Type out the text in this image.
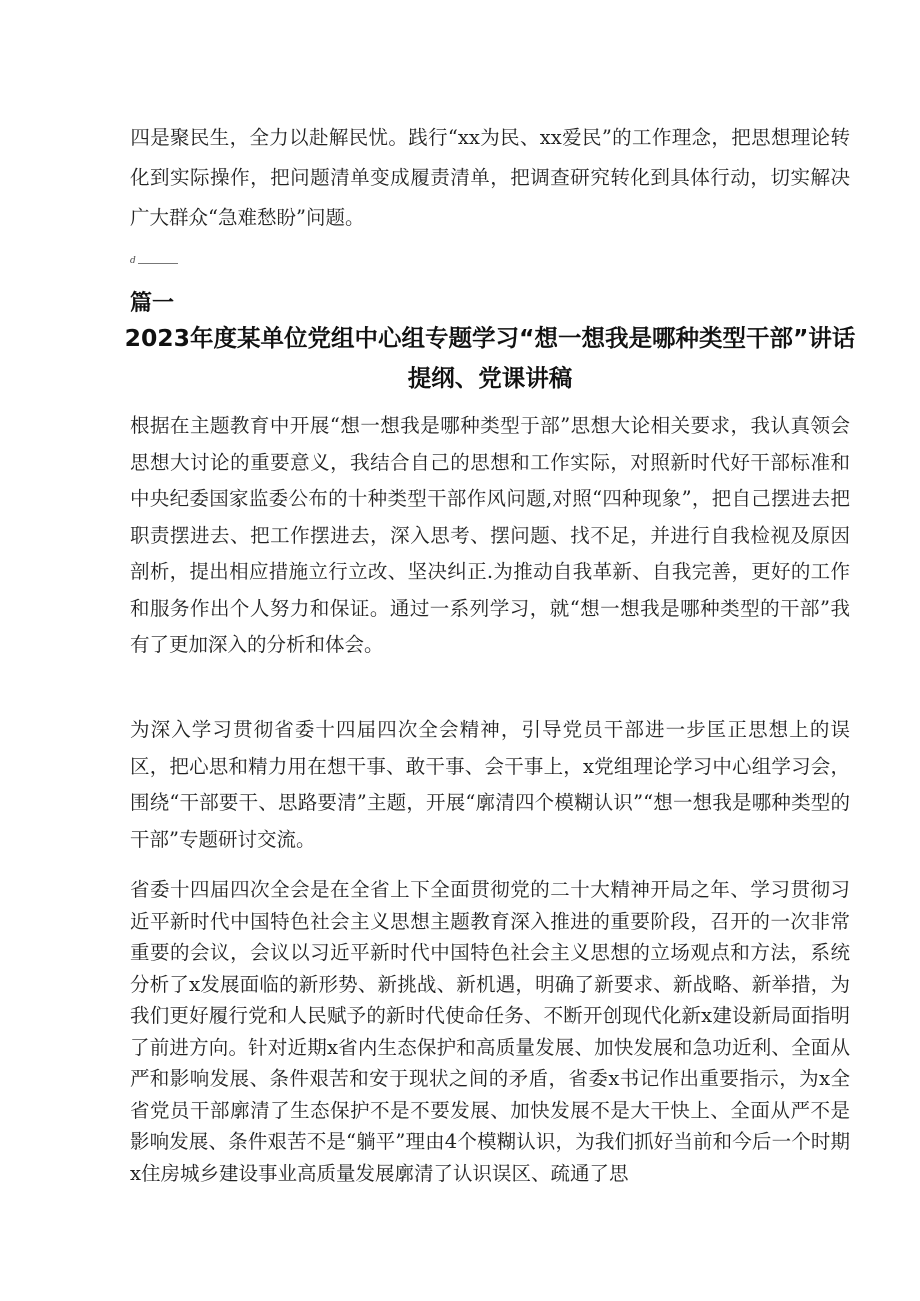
四是聚民生，全力以赴解民忧。践行“xx为民、xx爱民”的工作理念，把思想理论转化到实际操作，把问题清单变成履责清单，把调查研究转化到具体行动，切实解决广大群众“急难愁盼”问题。

d
篇一
2023年度某单位党组中心组专题学习“想一想我是哪种类型干部”讲话提纲、党课讲稿

根据在主题教育中开展“想一想我是哪种类型于部”思想大论相关要求，我认真领会思想大讨论的重要意义，我结合自己的思想和工作实际，对照新时代好干部标准和中央纪委国家监委公布的十种类型干部作风问题,对照“四种现象”，把自己摆进去把职责摆进去、把工作摆进去，深入思考、摆问题、找不足，并进行自我检视及原因剖析，提出相应措施立行立改、坚决纠正.为推动自我革新、自我完善，更好的工作和服务作出个人努力和保证。通过一系列学习，就“想一想我是哪种类型的干部”我有了更加深入的分析和体会。

为深入学习贯彻省委十四届四次全会精神，引导党员干部进一步匡正思想上的误区，把心思和精力用在想干事、敢干事、会干事上，x党组理论学习中心组学习会，围绕“干部要干、思路要清”主题，开展“廓清四个模糊认识”“想一想我是哪种类型的干部”专题研讨交流。

省委十四届四次全会是在全省上下全面贯彻党的二十大精神开局之年、学习贯彻习近平新时代中国特色社会主义思想主题教育深入推进的重要阶段，召开的一次非常重要的会议，会议以习近平新时代中国特色社会主义思想的立场观点和方法，系统分析了x发展面临的新形势、新挑战、新机遇，明确了新要求、新战略、新举措，为我们更好履行党和人民赋予的新时代使命任务、不断开创现代化新x建设新局面指明了前进方向。针对近期x省内生态保护和高质量发展、加快发展和急功近利、全面从严和影响发展、条件艰苦和安于现状之间的矛盾，省委x书记作出重要指示，为x全省党员干部廓清了生态保护不是不要发展、加快发展不是大干快上、全面从严不是影响发展、条件艰苦不是“躺平”理由4个模糊认识，为我们抓好当前和今后一个时期x住房城乡建设事业高质量发展廓清了认识误区、疏通了思
